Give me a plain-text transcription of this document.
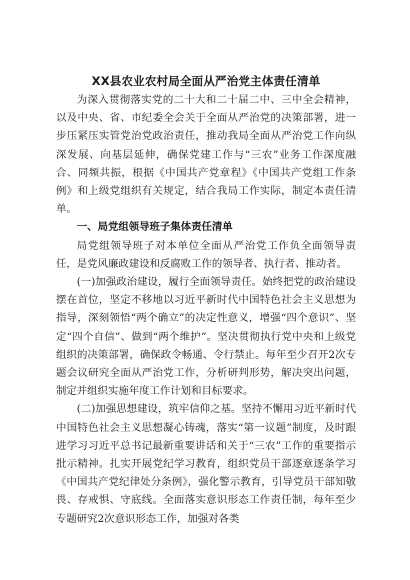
XX县农业农村局全面从严治党主体责任清单

为深入贯彻落实党的二十大和二十届二中、三中全会精神，以及中央、省、市纪委全会关于全面从严治党的决策部署，进一步压紧压实管党治党政治责任，推动我局全面从严治党工作向纵深发展、向基层延伸，确保党建工作与“三农”业务工作深度融合、同频共振，根据《中国共产党章程》《中国共产党组工作条例》和上级党组织有关规定，结合我局工作实际，制定本责任清单。

一、局党组领导班子集体责任清单

局党组领导班子对本单位全面从严治党工作负全面领导责任，是党风廉政建设和反腐败工作的领导者、执行者、推动者。

(一)加强政治建设，履行全面领导责任。始终把党的政治建设摆在首位，坚定不移地以习近平新时代中国特色社会主义思想为指导，深刻领悟“两个确立”的决定性意义，增强“四个意识”、坚定“四个自信”、做到“两个维护”。坚决贯彻执行党中央和上级党组织的决策部署，确保政令畅通、令行禁止。每年至少召开2次专题会议研究全面从严治党工作，分析研判形势，解决突出问题，制定并组织实施年度工作计划和目标要求。

(二)加强思想建设，筑牢信仰之基。坚持不懈用习近平新时代中国特色社会主义思想凝心铸魂，落实“第一议题”制度，及时跟进学习习近平总书记最新重要讲话和关于“三农”工作的重要指示批示精神。扎实开展党纪学习教育，组织党员干部逐章逐条学习《中国共产党纪律处分条例》，强化警示教育，引导党员干部知敬畏、存戒惧、守底线。全面落实意识形态工作责任制，每年至少专题研究2次意识形态工作，加强对各类
